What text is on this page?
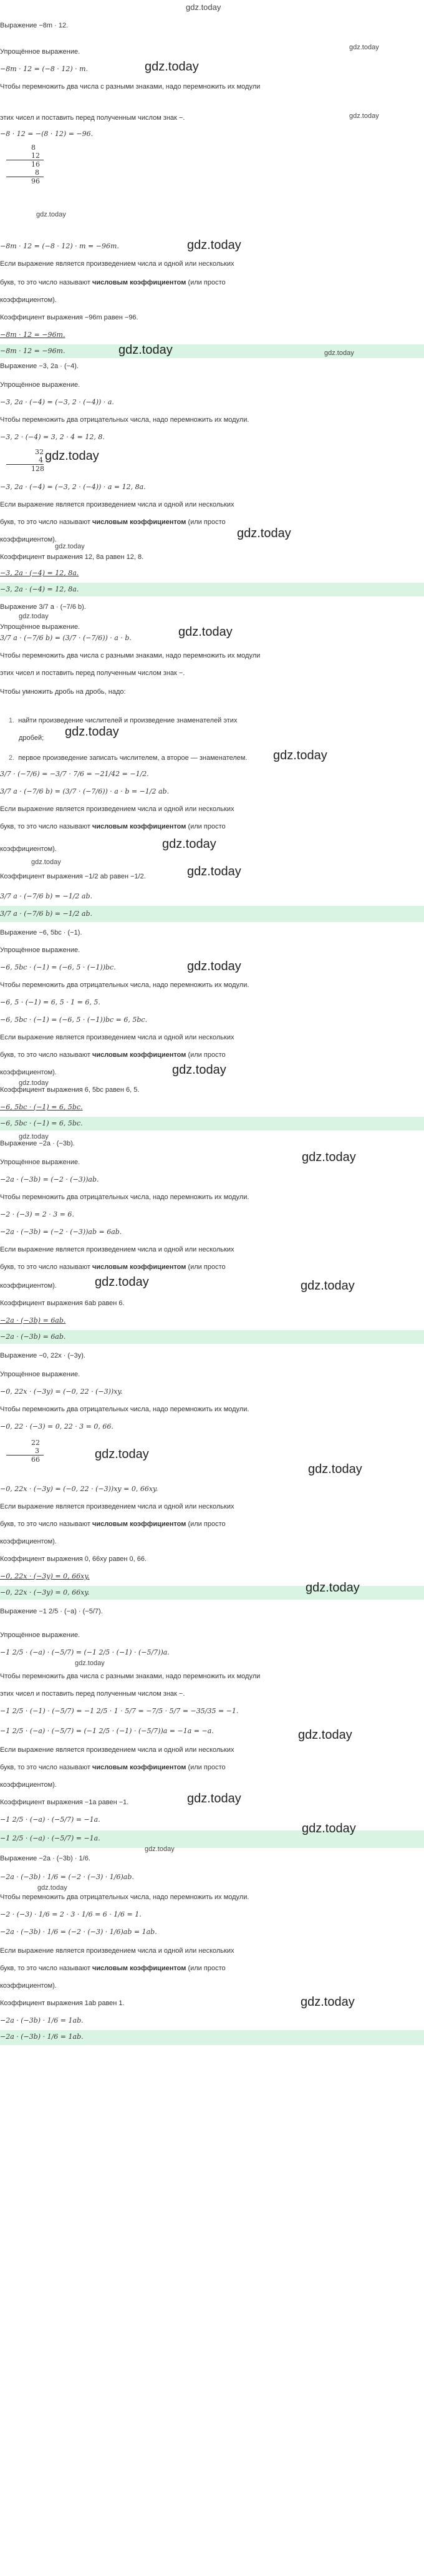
gdz.today
Выражение −8m · 12.
gdz.today
Упрощённое выражение.
−8m · 12 = (−8 · 12) · m.	gdz.today
Чтобы перемножить два числа с разными знаками, надо перемножить их модули
gdz.today
этих чисел и поставить перед полученным числом знак −.
−8 · 12 = −(8 · 12) = −96.
8
12
16
8
96
gdz.today
−8m · 12 = (−8 · 12) · m = −96m.	gdz.today
Если выражение является произведением числа и одной или нескольких
букв, то это число называют числовым коэффициентом (или просто
коэффициентом).
Коэффициент выражения −96m равен −96.
−8m · 12 = −96m.
−8m · 12 = −96m.	gdz.today	gdz.today
Выражение −3, 2a · (−4).
Упрощённое выражение.
−3, 2a · (−4) = (−3, 2 · (−4)) · a.
Чтобы перемножить два отрицательных числа, надо перемножить их модули.
−3, 2 · (−4) = 3, 2 · 4 = 12, 8.
32
4
128
gdz.today
−3, 2a · (−4) = (−3, 2 · (−4)) · a = 12, 8a.
Если выражение является произведением числа и одной или нескольких
букв, то это число называют числовым коэффициентом (или просто
gdz.today
коэффициентом).
gdz.today
Коэффициент выражения 12, 8a равен 12, 8.
−3, 2a · (−4) = 12, 8a.
−3, 2a · (−4) = 12, 8a.
Выражение 3/7 a · (−7/6 b).
gdz.today
Упрощённое выражение.
3/7 a · (−7/6 b) = (3/7 · (−7/6)) · a · b.	gdz.today
Чтобы перемножить два числа с разными знаками, надо перемножить их модули
этих чисел и поставить перед полученным числом знак −.
Чтобы умножить дробь на дробь, надо:
1. найти произведение числителей и произведение знаменателей этих
gdz.today
дробей;
2. первое произведение записать числителем, а второе — знаменателем.	gdz.today
3/7 · (−7/6) = −3/7 · 7/6 = −21/42 = −1/2.
3/7 a · (−7/6 b) = (3/7 · (−7/6)) · a · b = −1/2 ab.
Если выражение является произведением числа и одной или нескольких
букв, то это число называют числовым коэффициентом (или просто
gdz.today
коэффициентом).
gdz.today
Коэффициент выражения −1/2 ab равен −1/2.	gdz.today
3/7 a · (−7/6 b) = −1/2 ab.
3/7 a · (−7/6 b) = −1/2 ab.
Выражение −6, 5bc · (−1).
Упрощённое выражение.
−6, 5bc · (−1) = (−6, 5 · (−1))bc.	gdz.today
Чтобы перемножить два отрицательных числа, надо перемножить их модули.
−6, 5 · (−1) = 6, 5 · 1 = 6, 5.
−6, 5bc · (−1) = (−6, 5 · (−1))bc = 6, 5bc.
Если выражение является произведением числа и одной или нескольких
букв, то это число называют числовым коэффициентом (или просто
gdz.today
коэффициентом).
gdz.today
Коэффициент выражения 6, 5bc равен 6, 5.
−6, 5bc · (−1) = 6, 5bc.
−6, 5bc · (−1) = 6, 5bc.
gdz.today
Выражение −2a · (−3b).
Упрощённое выражение.	gdz.today
−2a · (−3b) = (−2 · (−3))ab.
Чтобы перемножить два отрицательных числа, надо перемножить их модули.
−2 · (−3) = 2 · 3 = 6.
−2a · (−3b) = (−2 · (−3))ab = 6ab.
Если выражение является произведением числа и одной или нескольких
букв, то это число называют числовым коэффициентом (или просто
gdz.today	gdz.today
коэффициентом).
Коэффициент выражения 6ab равен 6.
−2a · (−3b) = 6ab.
−2a · (−3b) = 6ab.
Выражение −0, 22x · (−3y).
Упрощённое выражение.
−0, 22x · (−3y) = (−0, 22 · (−3))xy.
Чтобы перемножить два отрицательных числа, надо перемножить их модули.
−0, 22 · (−3) = 0, 22 · 3 = 0, 66.
22
3
66	gdz.today
gdz.today
−0, 22x · (−3y) = (−0, 22 · (−3))xy = 0, 66xy.
Если выражение является произведением числа и одной или нескольких
букв, то это число называют числовым коэффициентом (или просто
коэффициентом).
Коэффициент выражения 0, 66xy равен 0, 66.
−0, 22x · (−3y) = 0, 66xy.
−0, 22x · (−3y) = 0, 66xy.	gdz.today
Выражение −1 2/5 · (−a) · (−5/7).
Упрощённое выражение.
−1 2/5 · (−a) · (−5/7) = (−1 2/5 · (−1) · (−5/7))a.
gdz.today
Чтобы перемножить два числа с разными знаками, надо перемножить их модули
этих чисел и поставить перед полученным числом знак −.
−1 2/5 · (−1) · (−5/7) = −1 2/5 · 1 · 5/7 = −7/5 · 5/7 = −35/35 = −1.
−1 2/5 · (−a) · (−5/7) = (−1 2/5 · (−1) · (−5/7))a = −1a = −a.	gdz.today
Если выражение является произведением числа и одной или нескольких
букв, то это число называют числовым коэффициентом (или просто
коэффициентом).
gdz.today
Коэффициент выражения −1a равен −1.
−1 2/5 · (−a) · (−5/7) = −1a.
−1 2/5 · (−a) · (−5/7) = −1a.
gdz.today
gdz.today
Выражение −2a · (−3b) · 1/6.
−2a · (−3b) · 1/6 = (−2 · (−3) · 1/6)ab.
gdz.today
Чтобы перемножить два отрицательных числа, надо перемножить их модули.
−2 · (−3) · 1/6 = 2 · 3 · 1/6 = 6 · 1/6 = 1.
−2a · (−3b) · 1/6 = (−2 · (−3) · 1/6)ab = 1ab.
Если выражение является произведением числа и одной или нескольких
букв, то это число называют числовым коэффициентом (или просто
коэффициентом).
Коэффициент выражения 1ab равен 1.	gdz.today
−2a · (−3b) · 1/6 = 1ab.
−2a · (−3b) · 1/6 = 1ab.
